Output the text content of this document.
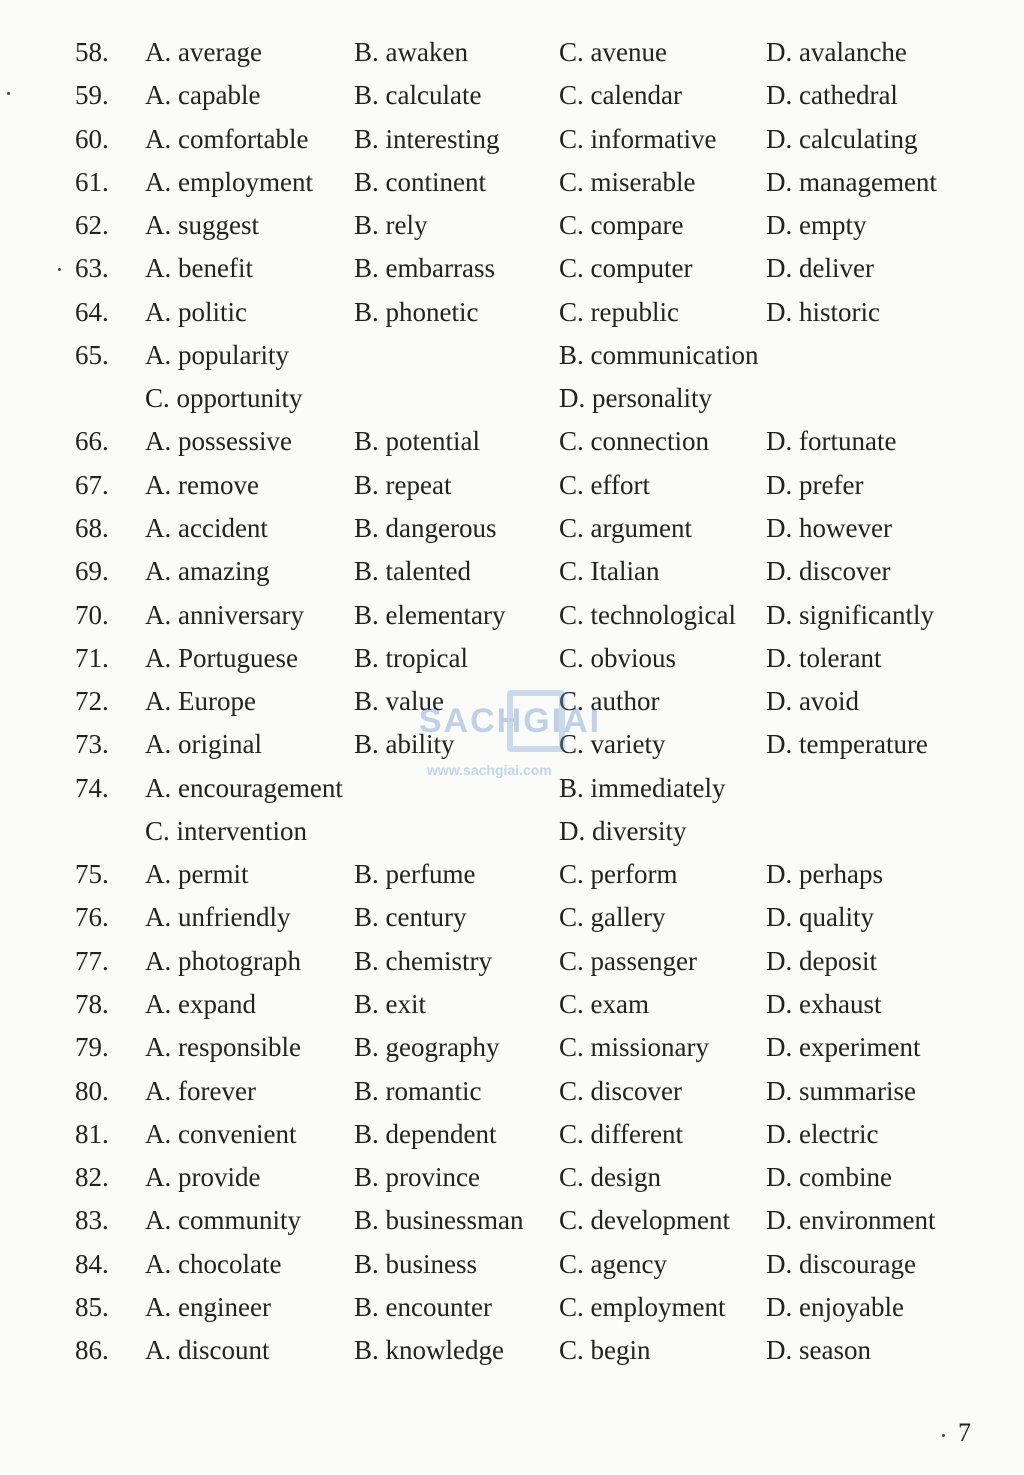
58. A. average	B. awaken	C. avenue	D. avalanche
59. A. capable	B. calculate	C. calendar	D. cathedral
60. A. comfortable B. interesting C. informative D. calculating
61. A. employment B. continent	C. miserable	D. management
62. A. suggest	B. rely	C. compare	D. empty
63. A. benefit	B. embarrass C. computer	D. deliver
64. A. politic	B. phonetic	C. republic	D. historic
65. A. popularity	B. communication
C. opportunity	D. personality
66. A. possessive B. potential	C. connection D. fortunate
67. A. remove	B. repeat	C. effort	D. prefer
68. A. accident	B. dangerous C. argument	D. however
69. A. amazing	B. talented	C. Italian	D. discover
70. A. anniversary B. elementary C. technological D. significantly
71. A. Portuguese B. tropical	C. obvious	D. tolerant
72. A. Europe	B. value	C. author	D. avoid
73. A. original	B. ability	C. variety	D. temperature
74. A. encouragement	B. immediately
C. intervention	D. diversity
75. A. permit	B. perfume	C. perform	D. perhaps
76. A. unfriendly B. century	C. gallery	D. quality
77. A. photograph B. chemistry C. passenger	D. deposit
78. A. expand	B. exit	C. exam	D. exhaust
79. A. responsible B. geography C. missionary D. experiment
80. A. forever	B. romantic	C. discover	D. summarise
81. A. convenient B. dependent C. different	D. electric
82. A. provide	B. province	C. design	D. combine
83. A. community B. businessman C. development D. environment
84. A. chocolate	B. business	C. agency	D. discourage
85. A. engineer	B. encounter C. employment D. enjoyable
86. A. discount	B. knowledge C. begin	D. season
SACHGIAI
www.sachgiai.com
7
